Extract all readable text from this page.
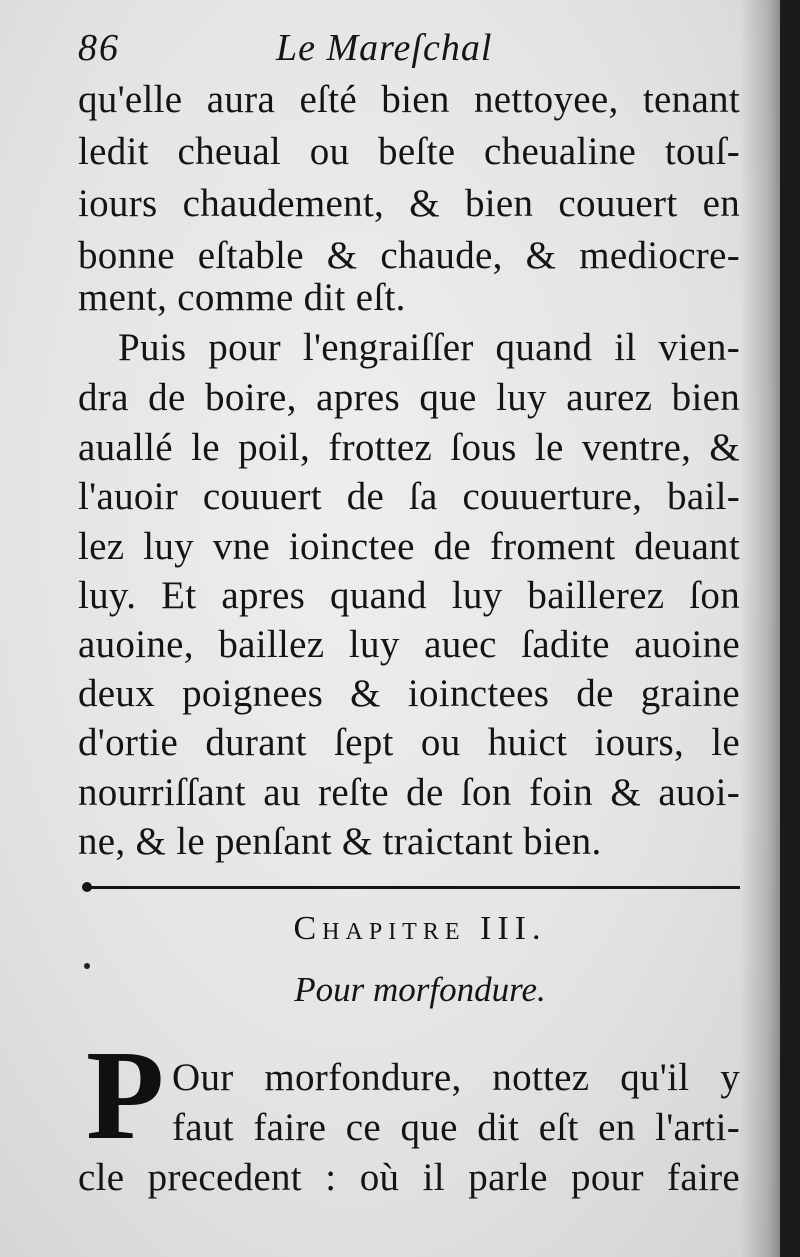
86	Le Mareſchal
qu'elle aura eſté bien nettoyee, tenant
ledit cheual ou beſte cheualine touſ-
iours chaudement, & bien couuert en
bonne eſtable & chaude, & mediocre-
ment, comme dit eſt.
Puis pour l'engraiſſer quand il vien-
dra de boire, apres que luy aurez bien
auallé le poil, frottez ſous le ventre, &
l'auoir couuert de ſa couuerture, bail-
lez luy vne ioinctee de froment deuant
luy. Et apres quand luy baillerez ſon
auoine, baillez luy auec ſadite auoine
deux poignees & ioinctees de graine
d'ortie durant ſept ou huict iours, le
nourriſſant au reſte de ſon foin & auoi-
ne, & le penſant & traictant bien.
Chapitre III.
Pour morfondure.
P Our morfondure, nottez qu'il y
faut faire ce que dit eſt en l'arti-
cle precedent : où il parle pour faire
